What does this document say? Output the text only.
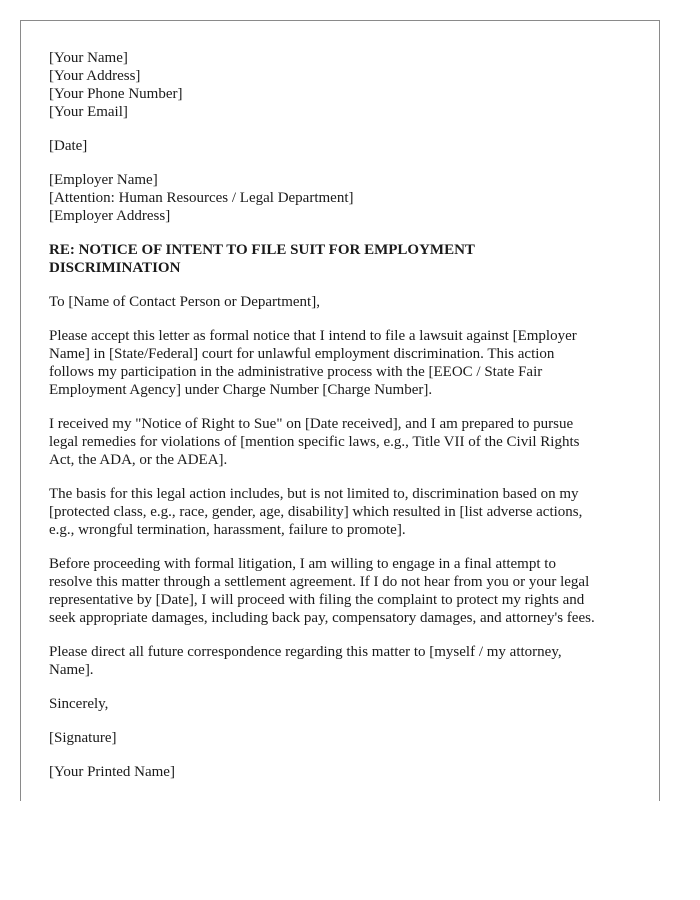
[Your Name]
[Your Address]
[Your Phone Number]
[Your Email]
[Date]
[Employer Name]
[Attention: Human Resources / Legal Department]
[Employer Address]
RE: NOTICE OF INTENT TO FILE SUIT FOR EMPLOYMENT
DISCRIMINATION
To [Name of Contact Person or Department],
Please accept this letter as formal notice that I intend to file a lawsuit against [Employer
Name] in [State/Federal] court for unlawful employment discrimination. This action
follows my participation in the administrative process with the [EEOC / State Fair
Employment Agency] under Charge Number [Charge Number].
I received my "Notice of Right to Sue" on [Date received], and I am prepared to pursue
legal remedies for violations of [mention specific laws, e.g., Title VII of the Civil Rights
Act, the ADA, or the ADEA].
The basis for this legal action includes, but is not limited to, discrimination based on my
[protected class, e.g., race, gender, age, disability] which resulted in [list adverse actions,
e.g., wrongful termination, harassment, failure to promote].
Before proceeding with formal litigation, I am willing to engage in a final attempt to
resolve this matter through a settlement agreement. If I do not hear from you or your legal
representative by [Date], I will proceed with filing the complaint to protect my rights and
seek appropriate damages, including back pay, compensatory damages, and attorney's fees.
Please direct all future correspondence regarding this matter to [myself / my attorney,
Name].
Sincerely,
[Signature]
[Your Printed Name]
